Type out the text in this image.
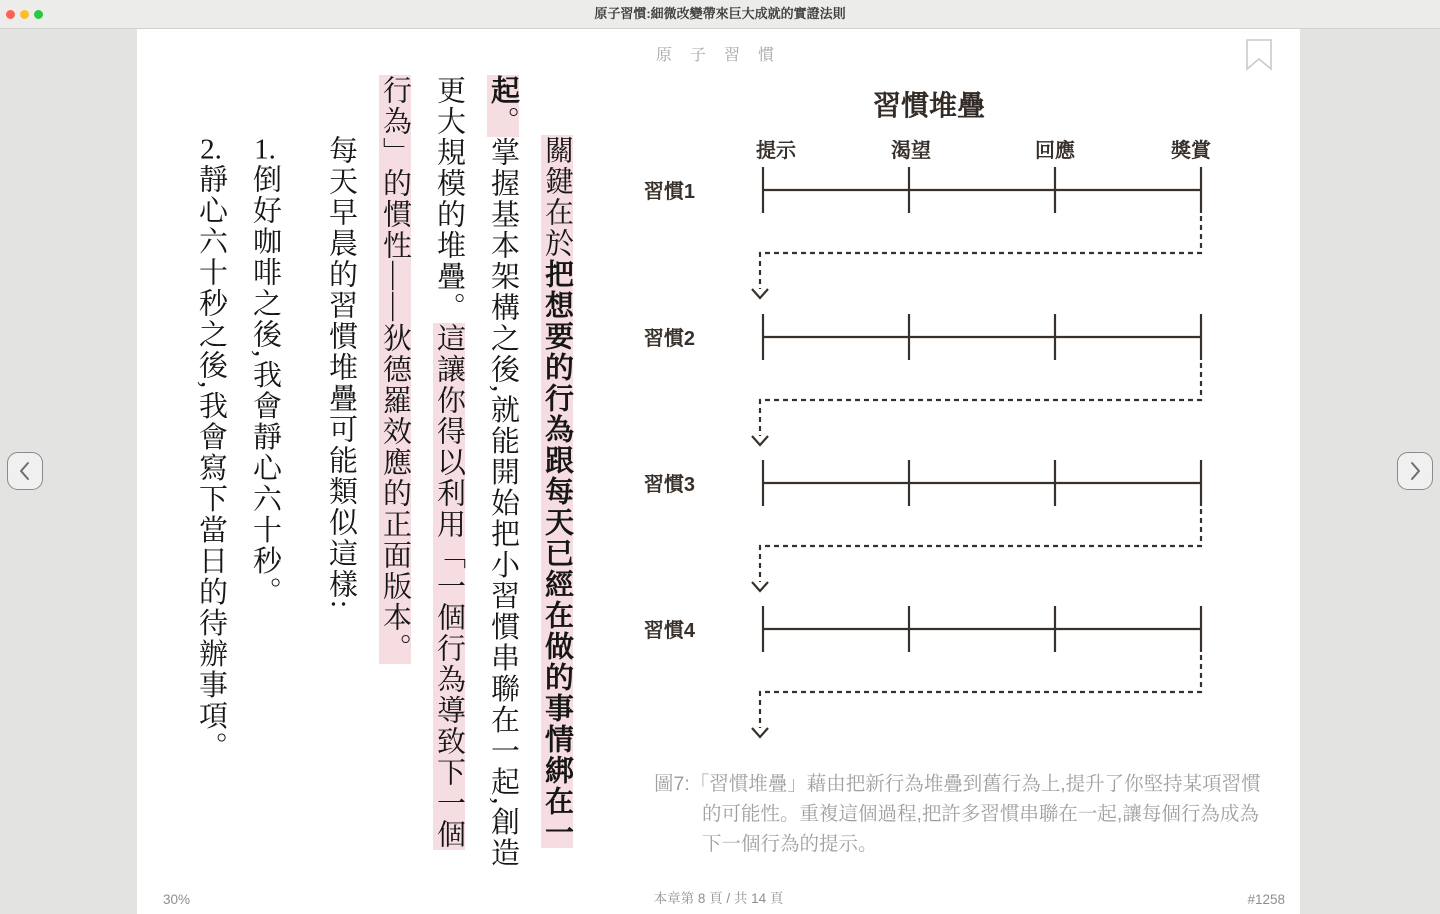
原子習慣:細微改變帶來巨大成就的實證法則
原 子 習 慣

關鍵在於把想要的行為跟每天已經在做的事情綁在一起。掌握基本架構之後,就能開始把小習慣串聯在一起,創造更大規模的堆疊。這讓你得以利用「一個行為導致下一個行為」的慣性——狄德羅效應的正面版本。

每天早晨的習慣堆疊可能類似這樣:

1.倒好咖啡之後,我會靜心六十秒。

2.靜心六十秒之後,我會寫下當日的待辦事項。

習慣堆疊
提示	渴望	回應	獎賞
習慣1
習慣2
習慣3
習慣4
圖7:「習慣堆疊」藉由把新行為堆疊到舊行為上,提升了你堅持某項習慣的可能性。重複這個過程,把許多習慣串聯在一起,讓每個行為成為下一個行為的提示。
30%	本章第 8 頁 / 共 14 頁	#1258
